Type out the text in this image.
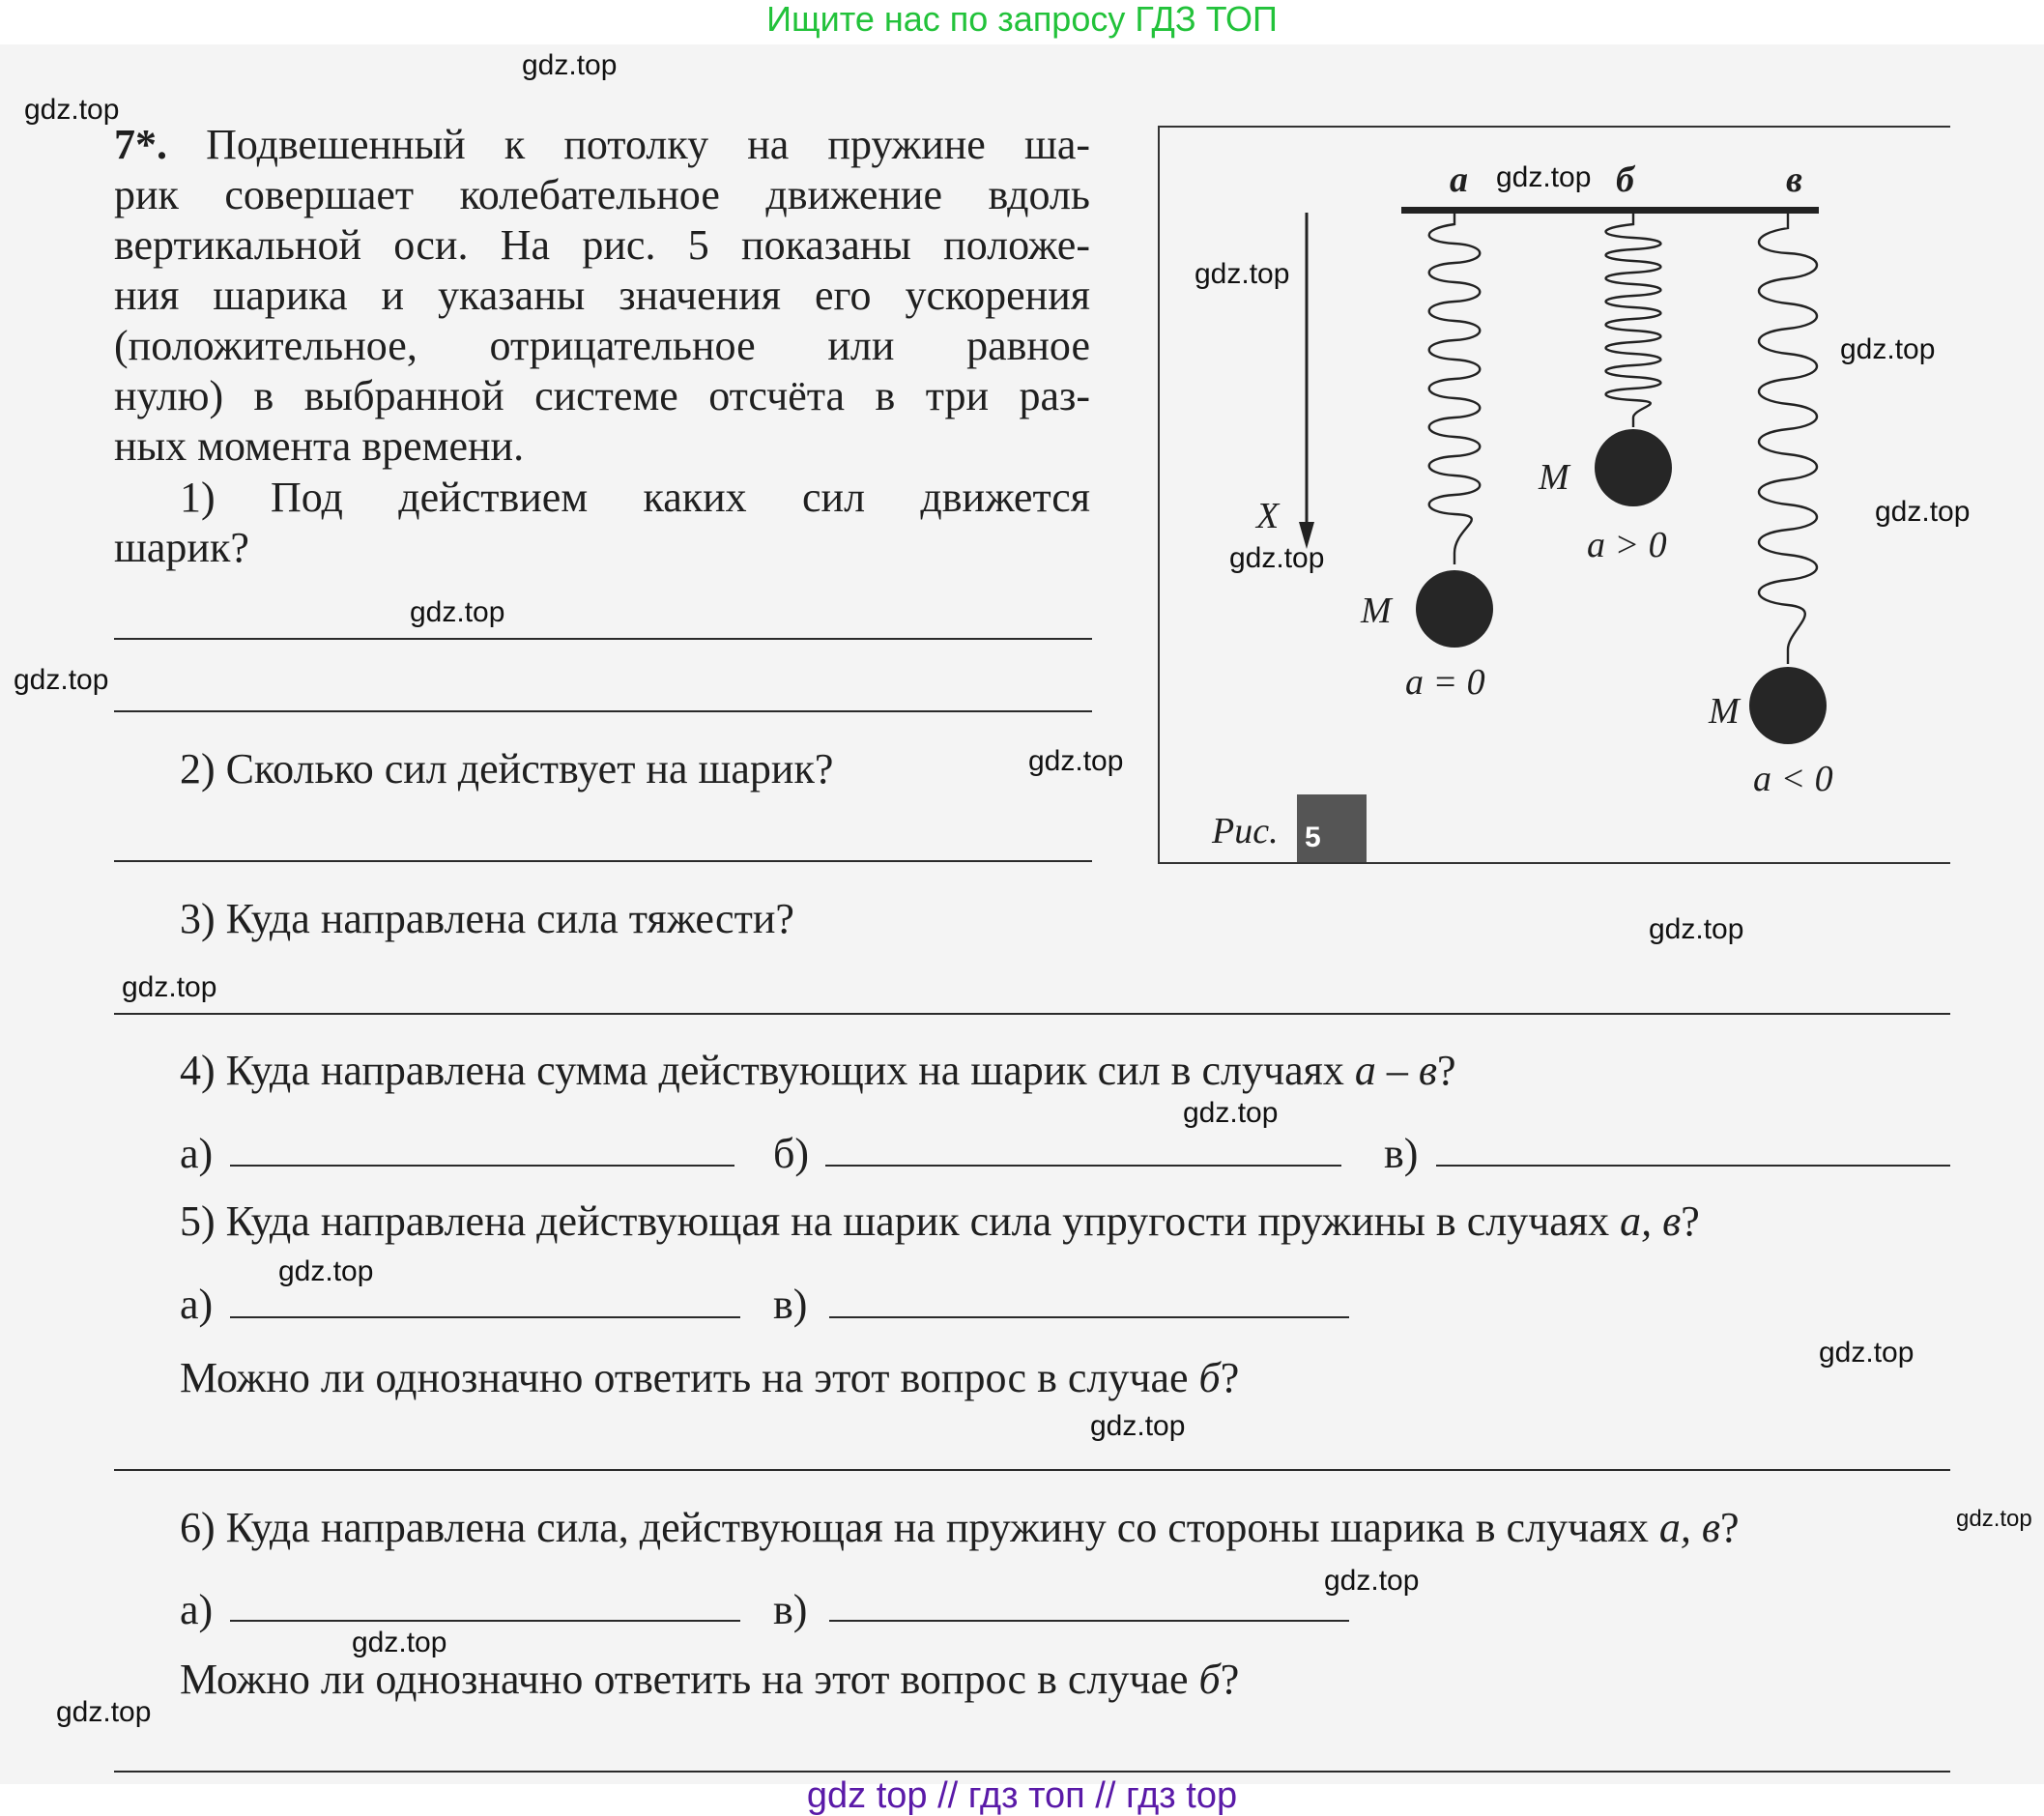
Ищите нас по запросу ГДЗ ТОП
7*. Подвешенный к потолку на пружине ша-
рик совершает колебательное движение вдоль
вертикальной оси. На рис. 5 показаны положе-
ния шарика и указаны значения его ускорения
(положительное, отрицательное или равное
нулю) в выбранной системе отсчёта в три раз-
ных момента времени.
1) Под действием каких сил движется
шарик?
2) Сколько сил действует на шарик?
3) Куда направлена сила тяжести?
4) Куда направлена сумма действующих на шарик сил в случаях а – в?
а)	б)	в)
5) Куда направлена действующая на шарик сила упругости пружины в случаях а, в?
а)	в)
Можно ли однозначно ответить на этот вопрос в случае б?
6) Куда направлена сила, действующая на пружину со стороны шарика в случаях а, в?
а)	в)
Можно ли однозначно ответить на этот вопрос в случае б?
а	б	в
X
M
a = 0
M
a > 0
M
a < 0
Рис. 5
gdz.top
gdz.top
gdz.top
gdz.top
gdz.top
gdz.top
gdz.top
gdz.top
gdz.top
gdz.top
gdz.top
gdz.top
gdz.top
gdz.top
gdz.top
gdz.top
gdz.top
gdz.top
gdz.top
gdz.top
gdz top // гдз топ // гдз top
